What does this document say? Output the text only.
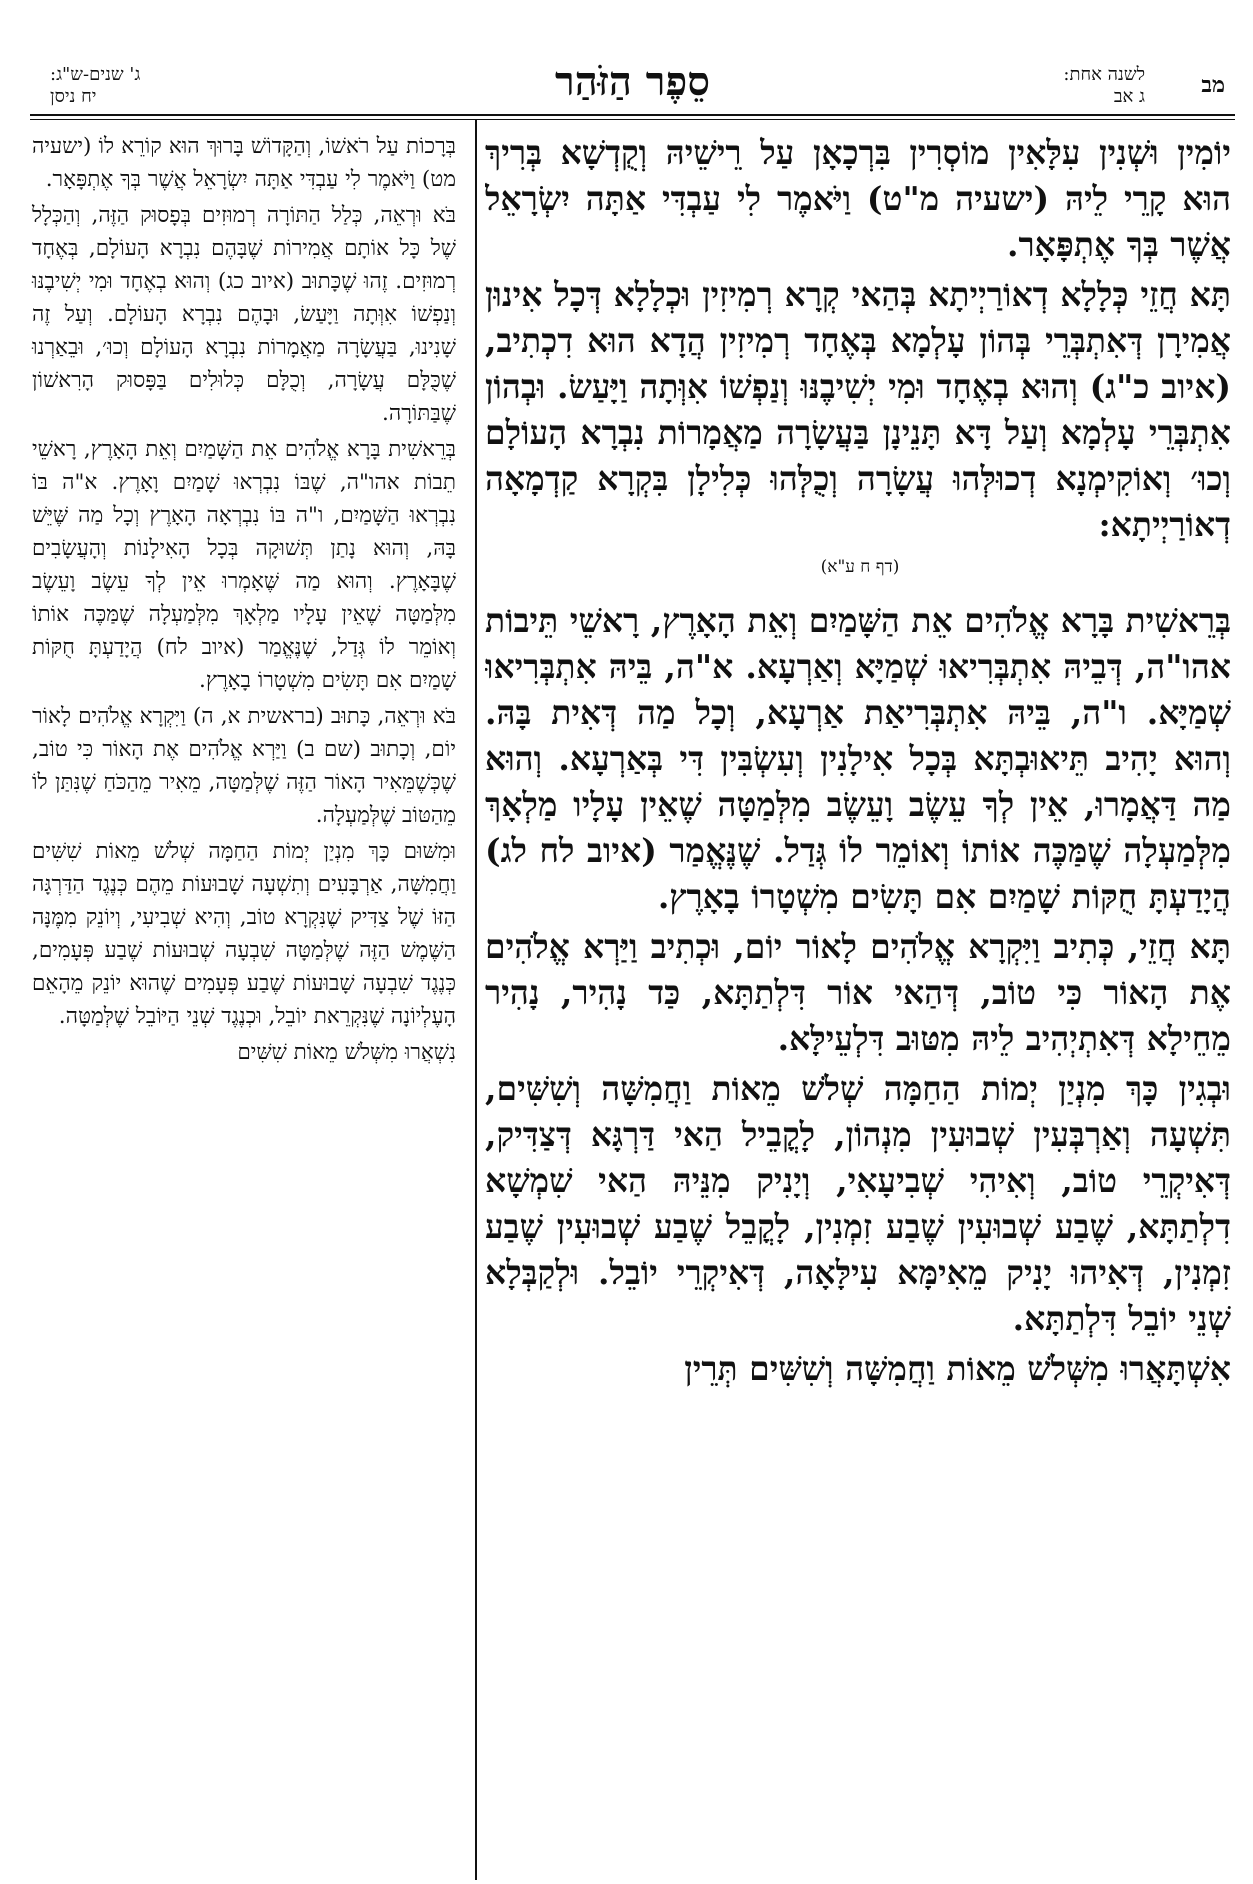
מב
לשנה אחת:
ג אב
סֵפֶר הַזֹּהַר
ג' שנים-ש"ג:
יח ניסן

יוֹמִין וּשְׁנִין עִלָּאִין מוֹסְרִין בִּרְכָאָן עַל רֵישֵׁיהּ וְקֻדְשָׁא בְּרִיךְ הוּא קָרֵי לֵיהּ (ישעיה מ"ט) וַיֹּאמֶר לִי עַבְדִּי אַתָּה יִשְׂרָאֵל אֲשֶׁר בְּךָ אֶתְפָּאָר.

תָּא חֲזֵי כְּלָלָא דְאוֹרַיְיתָא בְּהַאי קְרָא רְמִיזִין וּכְלָלָא דְּכָל אִינוּן אֲמִירָן דְּאִתְבְּרֵי בְּהוֹן עָלְמָא בְּאֶחָד רְמִיזִין הֲדָא הוּא דִכְתִיב, (איוב כ"ג) וְהוּא בְאֶחָד וּמִי יְשִׁיבֶנּוּ וְנַפְשׁוֹ אִוְּתָה וַיָּעַשׂ. וּבְהוֹן אִתְבְּרֵי עָלְמָא וְעַל דָּא תָּנֵינָן בַּעֲשָׂרָה מַאֲמָרוֹת נִבְרָא הָעוֹלָם וְכוּ׳ וְאוֹקִימְנָא דְכוּלְּהוּ עֲשָׂרָה וְכֻלְּהוּ כְּלִילָן בִּקְרָא קַדְמָאָה דְאוֹרַיְיתָא:

(דף ח ע"א)

בְּרֵאשִׁית בָּרָא אֱלֹהִים אֵת הַשָּׁמַיִם וְאֵת הָאָרֶץ, רָאשֵׁי תֵּיבוֹת אהו"ה, דְּבֵיהּ אִתְבְּרִיאוּ שְׁמַיָּא וְאַרְעָא. א"ה, בֵּיהּ אִתְבְּרִיאוּ שְׁמַיָּא. ו"ה, בֵּיהּ אִתְבְּרִיאַת אַרְעָא, וְכָל מַה דְּאִית בָּהּ. וְהוּא יָהִיב תֵּיאוּבְתָּא בְּכָל אִילָנִין וְעִשְׂבִּין דִּי בְּאַרְעָא. וְהוּא מַה דַּאֲמָרוּ, אֵין לְךָ עֵשֶׂב וָעֵשֶׂב מִלְּמַטָּה שֶׁאֵין עָלָיו מַלְאָךְ מִלְּמַעְלָה שֶׁמַּכֶּה אוֹתוֹ וְאוֹמֵר לוֹ גְּדַל. שֶׁנֶּאֱמַר (איוב לח לג) הֲיָדַעְתָּ חֻקּוֹת שָׁמַיִם אִם תָּשִׂים מִשְׁטָרוֹ בָאָרֶץ.

תָּא חֲזֵי, כְּתִיב וַיִּקְרָא אֱלֹהִים לָאוֹר יוֹם, וּכְתִיב וַיַּרְא אֱלֹהִים אֶת הָאוֹר כִּי טוֹב, דְּהַאי אוֹר דִּלְתַתָּא, כַּד נָהִיר, נָהִיר מֵחֵילָא דְּאִתְיְהִיב לֵיהּ מִטּוּב דִּלְעֵילָּא.

וּבְגִין כָּךְ מִנְיַן יְמוֹת הַחַמָּה שְׁלֹשׁ מֵאוֹת וַחֲמִשָּׁה וְשִׁשִּׁים, תִּשְׁעָה וְאַרְבְּעִין שְׁבוּעִין מִנְהוֹן, לָקֳבֵיל הַאי דַּרְגָּא דְּצַדִּיק, דְּאִיקְרֵי טוֹב, וְאִיהִי שְׁבִיעָאִי, וְיָנִיק מִנֵּיהּ הַאי שִׁמְשָׁא דִלְתַתָּא, שֶׁבַע שְׁבוּעִין שֶׁבַע זִמְנִין, לָקֳבֵל שֶׁבַע שְׁבוּעִין שֶׁבַע זִמְנִין, דְּאִיהוּ יָנִיק מֵאִימָּא עִילָּאָה, דְּאִיקְרֵי יוֹבֵל. וּלְקַבְּלָא שְׁנֵי יוֹבֵל דִּלְתַתָּא.

אִשְׁתָּאֲרוּ מִשְּׁלֹשׁ מֵאוֹת וַחֲמִשָּׁה וְשִׁשִּׁים תְּרֵין

בְּרָכוֹת עַל רֹאשׁוֹ, וְהַקָּדוֹשׁ בָּרוּךְ הוּא קוֹרֵא לוֹ (ישעיה מט) וַיֹּאמֶר לִי עַבְדִּי אַתָּה יִשְׂרָאֵל אֲשֶׁר בְּךָ אֶתְפָּאָר.

בֹּא וּרְאֵה, כְּלַל הַתּוֹרָה רְמוּזִים בְּפָסוּק הַזֶּה, וְהַכְּלָל שֶׁל כָּל אוֹתָם אֲמִירוֹת שֶׁבָּהֶם נִבְרָא הָעוֹלָם, בְּאֶחָד רְמוּזִים. זֶהוּ שֶׁכָּתוּב (איוב כג) וְהוּא בְאֶחָד וּמִי יְשִׁיבֶנּוּ וְנַפְשׁוֹ אִוְּתָה וַיָּעַשׂ, וּבָהֶם נִבְרָא הָעוֹלָם. וְעַל זֶה שָׁנִינוּ, בַּעֲשָׂרָה מַאֲמָרוֹת נִבְרָא הָעוֹלָם וְכוּ׳, וּבֵאַרְנוּ שֶׁכֻּלָּם עֲשָׂרָה, וְכֻלָּם כְּלוּלִים בַּפָּסוּק הָרִאשׁוֹן שֶׁבַּתּוֹרָה.

בְּרֵאשִׁית בָּרָא אֱלֹהִים אֵת הַשָּׁמַיִם וְאֵת הָאָרֶץ, רָאשֵׁי תֵבוֹת אהו"ה, שֶׁבּוֹ נִבְרְאוּ שָׁמַיִם וָאָרֶץ. א"ה בּוֹ נִבְרְאוּ הַשָּׁמַיִם, ו"ה בּוֹ נִבְרְאָה הָאָרֶץ וְכָל מַה שֶּׁיֵּשׁ בָּהּ, וְהוּא נָתַן תְּשׁוּקָה בְּכָל הָאִילָנוֹת וְהָעֲשָׂבִים שֶׁבָּאָרֶץ. וְהוּא מַה שֶּׁאָמְרוּ אֵין לְךָ עֵשֶׂב וָעֵשֶׂב מִלְּמַטָּה שֶׁאֵין עָלָיו מַלְאָךְ מִלְּמַעְלָה שֶׁמַּכֶּה אוֹתוֹ וְאוֹמֵר לוֹ גְּדַל, שֶׁנֶּאֱמַר (איוב לח) הֲיָדַעְתָּ חֻקּוֹת שָׁמַיִם אִם תָּשִׂים מִשְׁטָרוֹ בָאָרֶץ.

בֹּא וּרְאֵה, כָּתוּב (בראשית א, ה) וַיִּקְרָא אֱלֹהִים לָאוֹר יוֹם, וְכָתוּב (שם ב) וַיַּרְא אֱלֹהִים אֶת הָאוֹר כִּי טוֹב, שֶׁכְּשֶׁמֵּאִיר הָאוֹר הַזֶּה שֶׁלְּמַטָּה, מֵאִיר מֵהַכֹּחַ שֶׁנִּתַּן לוֹ מֵהַטּוֹב שֶׁלְּמַעְלָה.

וּמִשּׁוּם כָּךְ מִנְיַן יְמוֹת הַחַמָּה שְׁלֹשׁ מֵאוֹת שִׁשִּׁים וַחֲמִשָּׁה, אַרְבָּעִים וְתִשְׁעָה שָׁבוּעוֹת מֵהֶם כְּנֶגֶד הַדַּרְגָּה הַזּוֹ שֶׁל צַדִּיק שֶׁנִּקְרָא טוֹב, וְהִיא שְׁבִיעִי, וְיוֹנֵק מִמֶּנָּה הַשֶּׁמֶשׁ הַזֶּה שֶׁלְּמַטָּה שִׁבְעָה שְׁבוּעוֹת שֶׁבַע פְּעָמִים, כְּנֶגֶד שִׁבְעָה שָׁבוּעוֹת שֶׁבַע פְּעָמִים שֶׁהוּא יוֹנֵק מֵהָאֵם הָעֶלְיוֹנָה שֶׁנִּקְרֵאת יוֹבֵל, וּכְנֶגֶד שְׁנֵי הַיּוֹבֵל שֶׁלְּמַטָּה.

נִשְׁאֲרוּ מִשְּׁלֹשׁ מֵאוֹת שִׁשִּׁים
